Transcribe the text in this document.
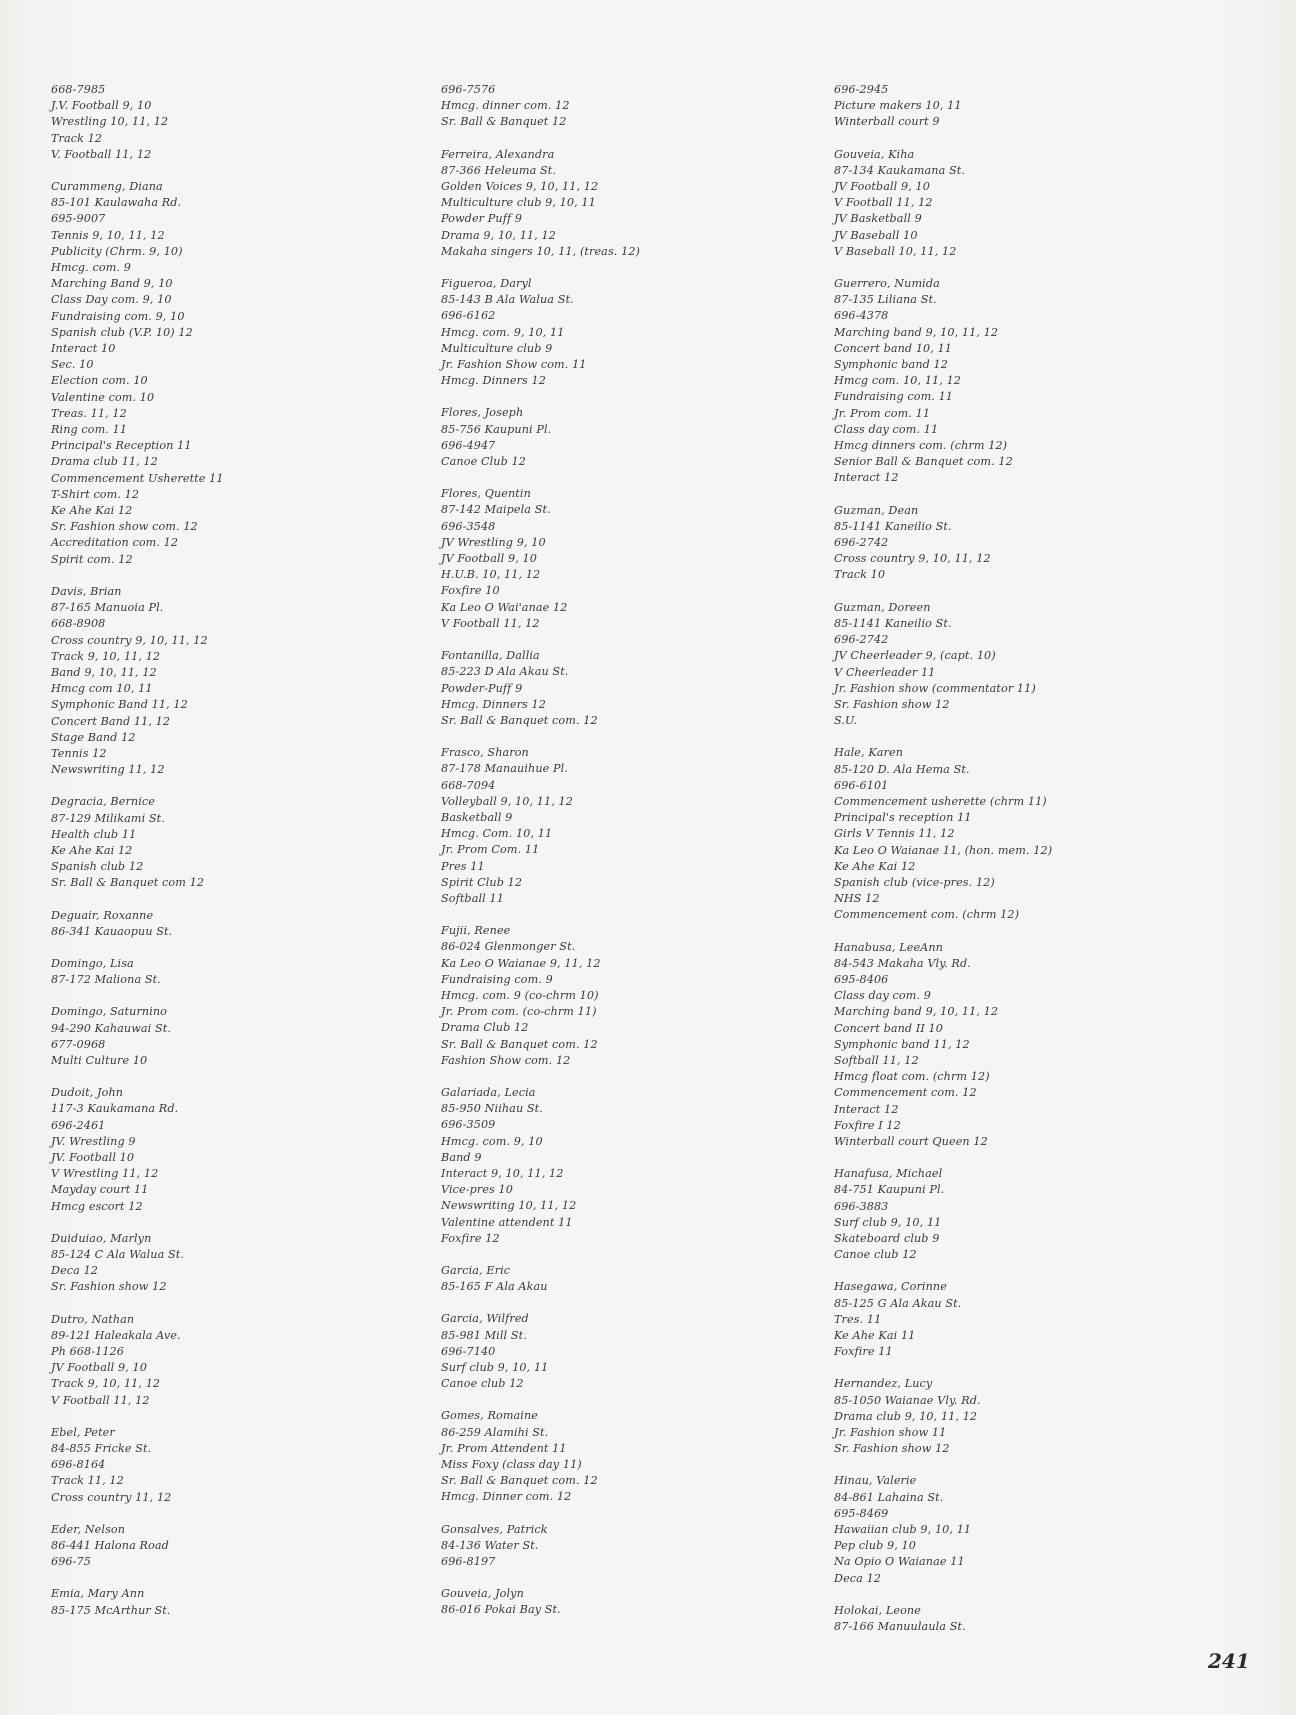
668-7985
J.V. Football 9, 10
Wrestling 10, 11, 12
Track 12
V. Football 11, 12
Curammeng, Diana
85-101 Kaulawaha Rd.
695-9007
Tennis 9, 10, 11, 12
Publicity (Chrm. 9, 10)
Hmcg. com. 9
Marching Band 9, 10
Class Day com. 9, 10
Fundraising com. 9, 10
Spanish club (V.P. 10) 12
Interact 10
Sec. 10
Election com. 10
Valentine com. 10
Treas. 11, 12
Ring com. 11
Principal's Reception 11
Drama club 11, 12
Commencement Usherette 11
T-Shirt com. 12
Ke Ahe Kai 12
Sr. Fashion show com. 12
Accreditation com. 12
Spirit com. 12
Davis, Brian
87-165 Manuoia Pl.
668-8908
Cross country 9, 10, 11, 12
Track 9, 10, 11, 12
Band 9, 10, 11, 12
Hmcg com 10, 11
Symphonic Band 11, 12
Concert Band 11, 12
Stage Band 12
Tennis 12
Newswriting 11, 12
Degracia, Bernice
87-129 Milikami St.
Health club 11
Ke Ahe Kai 12
Spanish club 12
Sr. Ball & Banquet com 12
Deguair, Roxanne
86-341 Kauaopuu St.
Domingo, Lisa
87-172 Maliona St.
Domingo, Saturnino
94-290 Kahauwai St.
677-0968
Multi Culture 10
Dudoit, John
117-3 Kaukamana Rd.
696-2461
JV. Wrestling 9
JV. Football 10
V Wrestling 11, 12
Mayday court 11
Hmcg escort 12
Duiduiao, Marlyn
85-124 C Ala Walua St.
Deca 12
Sr. Fashion show 12
Dutro, Nathan
89-121 Haleakala Ave.
Ph 668-1126
JV Football 9, 10
Track 9, 10, 11, 12
V Football 11, 12
Ebel, Peter
84-855 Fricke St.
696-8164
Track 11, 12
Cross country 11, 12
Eder, Nelson
86-441 Halona Road
696-75
Emia, Mary Ann
85-175 McArthur St.
696-7576
Hmcg. dinner com. 12
Sr. Ball & Banquet 12
Ferreira, Alexandra
87-366 Heleuma St.
Golden Voices 9, 10, 11, 12
Multiculture club 9, 10, 11
Powder Puff 9
Drama 9, 10, 11, 12
Makaha singers 10, 11, (treas. 12)
Figueroa, Daryl
85-143 B Ala Walua St.
696-6162
Hmcg. com. 9, 10, 11
Multiculture club 9
Jr. Fashion Show com. 11
Hmcg. Dinners 12
Flores, Joseph
85-756 Kaupuni Pl.
696-4947
Canoe Club 12
Flores, Quentin
87-142 Maipela St.
696-3548
JV Wrestling 9, 10
JV Football 9, 10
H.U.B. 10, 11, 12
Foxfire 10
Ka Leo O Wai'anae 12
V Football 11, 12
Fontanilla, Dallia
85-223 D Ala Akau St.
Powder-Puff 9
Hmcg. Dinners 12
Sr. Ball & Banquet com. 12
Frasco, Sharon
87-178 Manauihue Pl.
668-7094
Volleyball 9, 10, 11, 12
Basketball 9
Hmcg. Com. 10, 11
Jr. Prom Com. 11
Pres 11
Spirit Club 12
Softball 11
Fujii, Renee
86-024 Glenmonger St.
Ka Leo O Waianae 9, 11, 12
Fundraising com. 9
Hmcg. com. 9 (co-chrm 10)
Jr. Prom com. (co-chrm 11)
Drama Club 12
Sr. Ball & Banquet com. 12
Fashion Show com. 12
Galariada, Lecia
85-950 Niihau St.
696-3509
Hmcg. com. 9, 10
Band 9
Interact 9, 10, 11, 12
Vice-pres 10
Newswriting 10, 11, 12
Valentine attendent 11
Foxfire 12
Garcia, Eric
85-165 F Ala Akau
Garcia, Wilfred
85-981 Mill St.
696-7140
Surf club 9, 10, 11
Canoe club 12
Gomes, Romaine
86-259 Alamihi St.
Jr. Prom Attendent 11
Miss Foxy (class day 11)
Sr. Ball & Banquet com. 12
Hmcg. Dinner com. 12
Gonsalves, Patrick
84-136 Water St.
696-8197
Gouveia, Jolyn
86-016 Pokai Bay St.
696-2945
Picture makers 10, 11
Winterball court 9
Gouveia, Kiha
87-134 Kaukamana St.
JV Football 9, 10
V Football 11, 12
JV Basketball 9
JV Baseball 10
V Baseball 10, 11, 12
Guerrero, Numida
87-135 Liliana St.
696-4378
Marching band 9, 10, 11, 12
Concert band 10, 11
Symphonic band 12
Hmcg com. 10, 11, 12
Fundraising com. 11
Jr. Prom com. 11
Class day com. 11
Hmcg dinners com. (chrm 12)
Senior Ball & Banquet com. 12
Interact 12
Guzman, Dean
85-1141 Kaneilio St.
696-2742
Cross country 9, 10, 11, 12
Track 10
Guzman, Doreen
85-1141 Kaneilio St.
696-2742
JV Cheerleader 9, (capt. 10)
V Cheerleader 11
Jr. Fashion show (commentator 11)
Sr. Fashion show 12
S.U.
Hale, Karen
85-120 D. Ala Hema St.
696-6101
Commencement usherette (chrm 11)
Principal's reception 11
Girls V Tennis 11, 12
Ka Leo O Waianae 11, (hon. mem. 12)
Ke Ahe Kai 12
Spanish club (vice-pres. 12)
NHS 12
Commencement com. (chrm 12)
Hanabusa, LeeAnn
84-543 Makaha Vly. Rd.
695-8406
Class day com. 9
Marching band 9, 10, 11, 12
Concert band II 10
Symphonic band 11, 12
Softball 11, 12
Hmcg float com. (chrm 12)
Commencement com. 12
Interact 12
Foxfire I 12
Winterball court Queen 12
Hanafusa, Michael
84-751 Kaupuni Pl.
696-3883
Surf club 9, 10, 11
Skateboard club 9
Canoe club 12
Hasegawa, Corinne
85-125 G Ala Akau St.
Tres. 11
Ke Ahe Kai 11
Foxfire 11
Hernandez, Lucy
85-1050 Waianae Vly. Rd.
Drama club 9, 10, 11, 12
Jr. Fashion show 11
Sr. Fashion show 12
Hinau, Valerie
84-861 Lahaina St.
695-8469
Hawaiian club 9, 10, 11
Pep club 9, 10
Na Opio O Waianae 11
Deca 12
Holokai, Leone
87-166 Manuulaula St.
241
